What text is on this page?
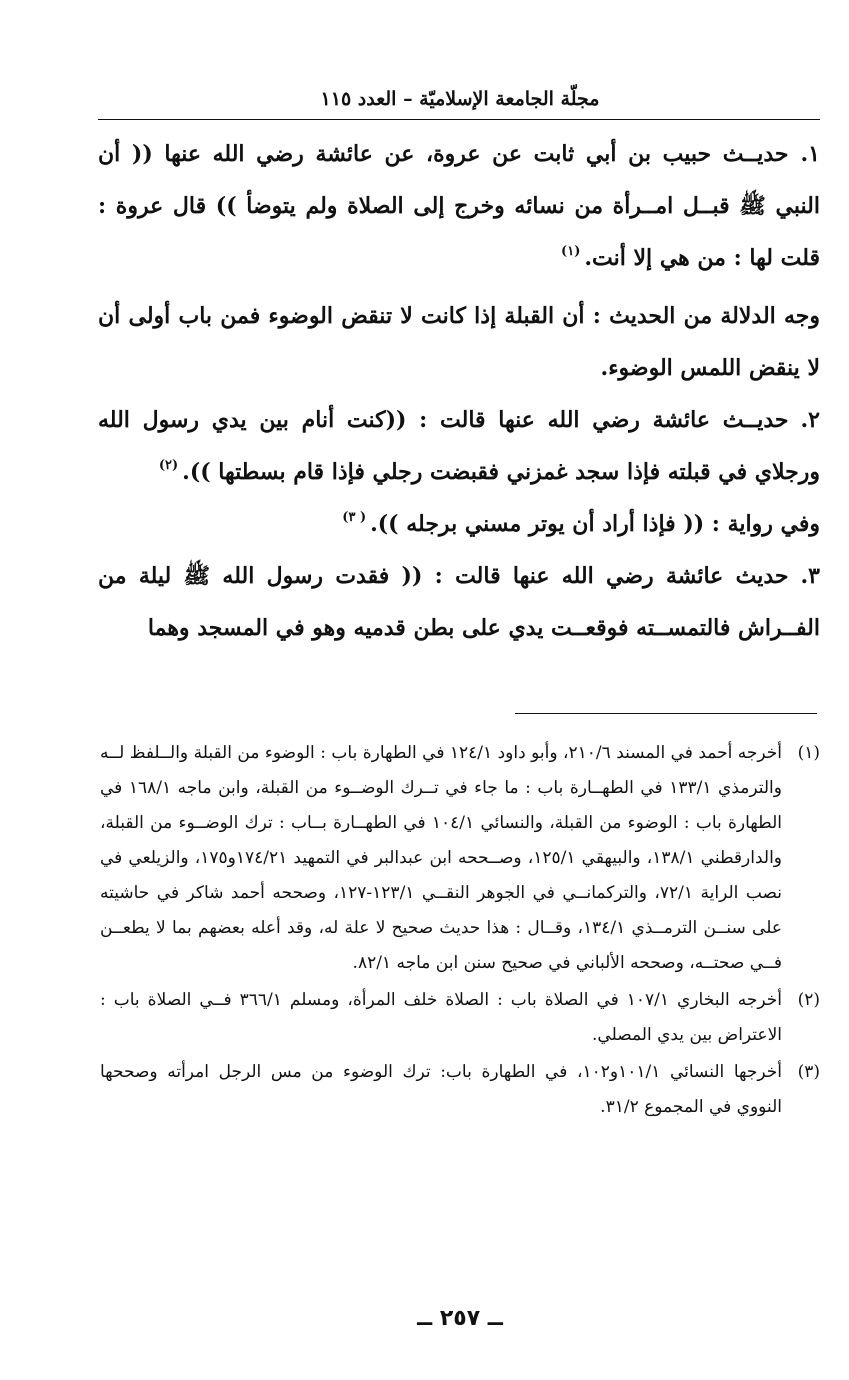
مجلّة الجامعة الإسلاميّة – العدد ١١٥

١.حديــث حبيب بن أبي ثابت عن عروة، عن عائشة رضي الله عنها (( أن النبي ﷺ قبــل امــرأة من نسائه وخرج إلى الصلاة ولم يتوضأ )) قال عروة : قلت لها : من هي إلا أنت.$^{(١)}$

وجه الدلالة من الحديث : أن القبلة إذا كانت لا تنقض الوضوء فمن باب أولى أن لا ينقض اللمس الوضوء.

٢.حديــث عائشة رضي الله عنها قالت : ((كنت أنام بين يدي رسول الله ورجلاي في قبلته فإذا سجد غمزني فقبضت رجلي فإذا قام بسطتها )).$^{(٢)}$

وفي رواية : (( فإذا أراد أن يوتر مسني برجله )).$^{( ٣)}$

٣.حديث عائشة رضي الله عنها قالت : (( فقدت رسول الله ﷺ ليلة من الفــراش فالتمســته فوقعــت يدي على بطن قدميه وهو في المسجد وهما

(١)
أخرجه أحمد في المسند ٢١٠/٦، وأبو داود ١٢٤/١ في الطهارة باب : الوضوء من القبلة والــلفظ لــه والترمذي ١٣٣/١ في الطهــارة باب : ما جاء في تــرك الوضــوء من القبلة، وابن ماجه ١٦٨/١ في الطهارة باب : الوضوء من القبلة، والنسائي ١٠٤/١ في الطهــارة بــاب : ترك الوضــوء من القبلة، والدارقطني ١٣٨/١، والبيهقي ١٢٥/١، وصــححه ابن عبدالبر في التمهيد ١٧٤/٢١و١٧٥، والزيلعي في نصب الراية ٧٢/١، والتركمانــي في الجوهر النقــي ١٢٣/١-١٢٧، وصححه أحمد شاكر في حاشيته على سنــن الترمــذي ١٣٤/١، وقــال : هذا حديث صحيح لا علة له، وقد أعله بعضهم بما لا يطعــن فــي صحتــه، وصححه الألباني في صحيح سنن ابن ماجه ٨٢/١.
(٢)
أخرجه البخاري ١٠٧/١ في الصلاة باب : الصلاة خلف المرأة، ومسلم ٣٦٦/١ فــي الصلاة باب : الاعتراض بين يدي المصلي.
(٣)
أخرجها النسائي ١٠١/١و١٠٢، في الطهارة باب: ترك الوضوء من مس الرجل امرأته وصححها النووي في المجموع ٣١/٢.
ــ ٢٥٧ ــ
